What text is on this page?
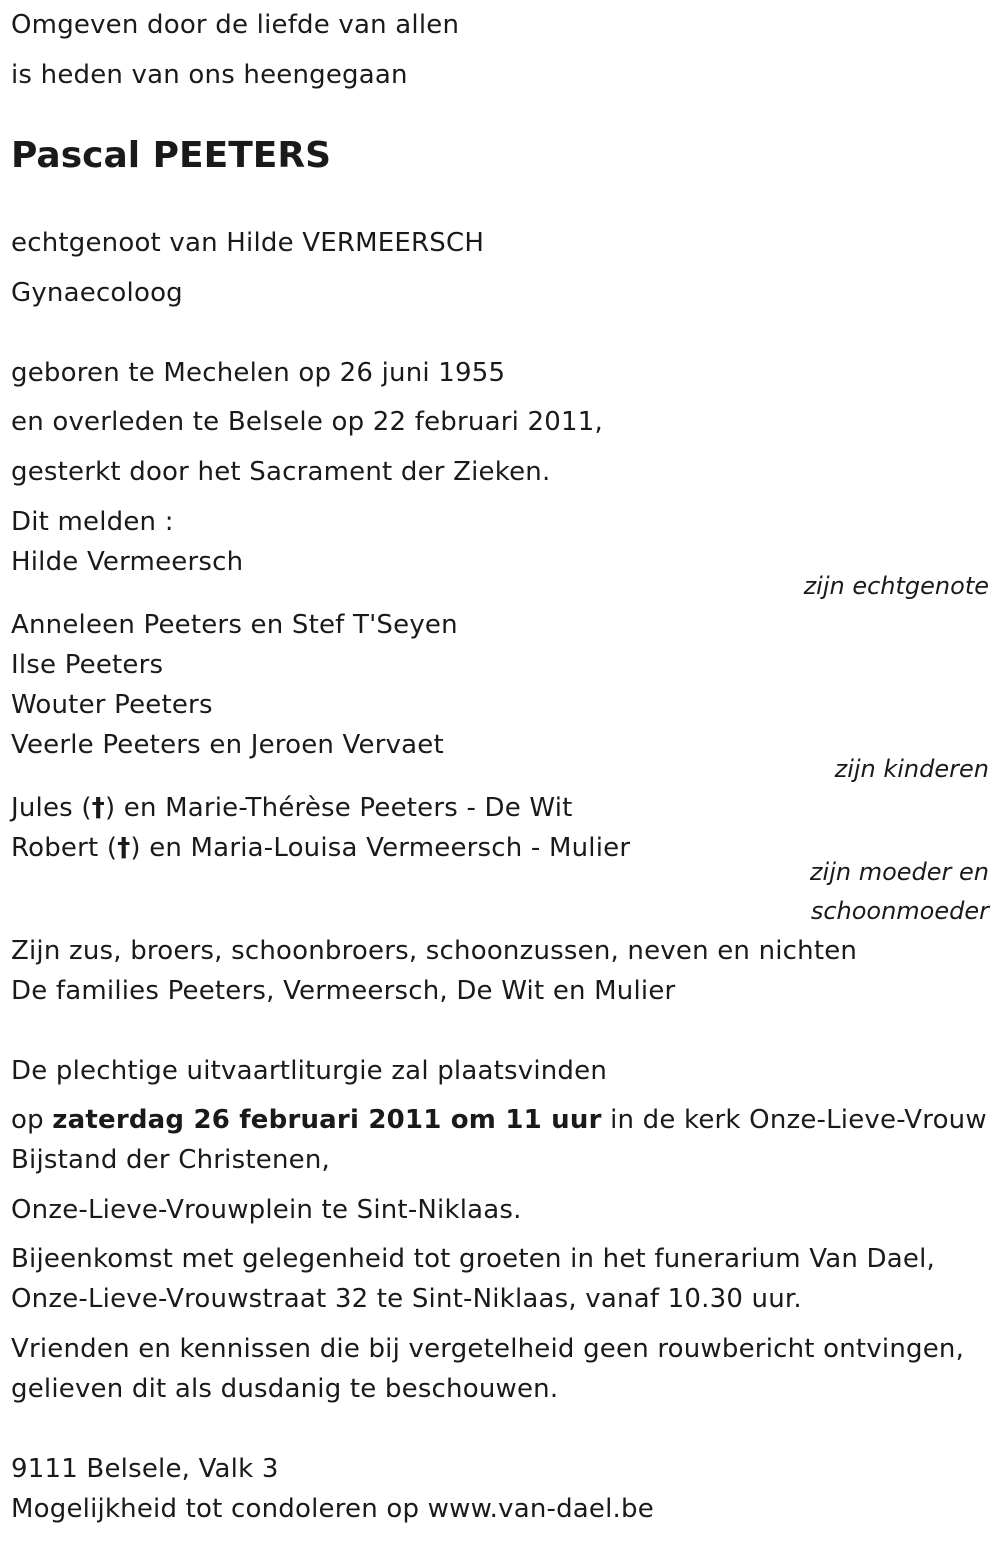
Omgeven door de liefde van allen
is heden van ons heengegaan
Pascal PEETERS
echtgenoot van Hilde VERMEERSCH
Gynaecoloog
geboren te Mechelen op 26 juni 1955
en overleden te Belsele op 22 februari 2011,
gesterkt door het Sacrament der Zieken.
Dit melden :
Hilde Vermeersch
zijn echtgenote
Anneleen Peeters en Stef T'Seyen
Ilse Peeters
Wouter Peeters
Veerle Peeters en Jeroen Vervaet
zijn kinderen
Jules (†) en Marie-Thérèse Peeters - De Wit
Robert (†) en Maria-Louisa Vermeersch - Mulier
zijn moeder en
schoonmoeder
Zijn zus, broers, schoonbroers, schoonzussen, neven en nichten
De families Peeters, Vermeersch, De Wit en Mulier
De plechtige uitvaartliturgie zal plaatsvinden
op zaterdag 26 februari 2011 om 11 uur in de kerk Onze-Lieve-Vrouw
Bijstand der Christenen,
Onze-Lieve-Vrouwplein te Sint-Niklaas.
Bijeenkomst met gelegenheid tot groeten in het funerarium Van Dael,
Onze-Lieve-Vrouwstraat 32 te Sint-Niklaas, vanaf 10.30 uur.
Vrienden en kennissen die bij vergetelheid geen rouwbericht ontvingen,
gelieven dit als dusdanig te beschouwen.
9111 Belsele, Valk 3
Mogelijkheid tot condoleren op www.van-dael.be
